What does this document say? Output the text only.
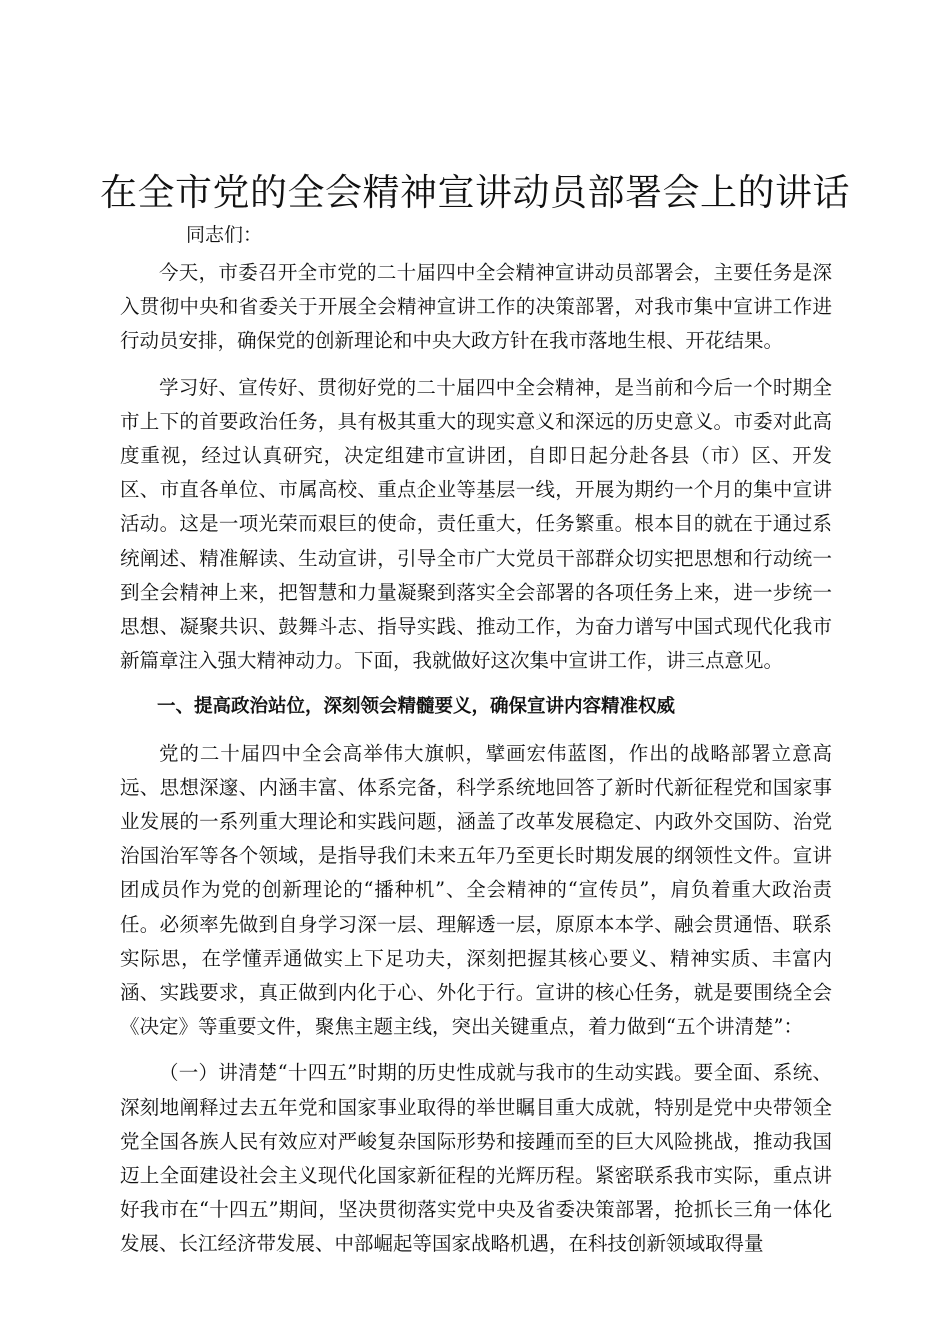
在全市党的全会精神宣讲动员部署会上的讲话
同志们：

今天，市委召开全市党的二十届四中全会精神宣讲动员部署会，主要任务是深入贯彻中央和省委关于开展全会精神宣讲工作的决策部署，对我市集中宣讲工作进行动员安排，确保党的创新理论和中央大政方针在我市落地生根、开花结果。

学习好、宣传好、贯彻好党的二十届四中全会精神，是当前和今后一个时期全市上下的首要政治任务，具有极其重大的现实意义和深远的历史意义。市委对此高度重视，经过认真研究，决定组建市宣讲团，自即日起分赴各县（市）区、开发区、市直各单位、市属高校、重点企业等基层一线，开展为期约一个月的集中宣讲活动。这是一项光荣而艰巨的使命，责任重大，任务繁重。根本目的就在于通过系统阐述、精准解读、生动宣讲，引导全市广大党员干部群众切实把思想和行动统一到全会精神上来，把智慧和力量凝聚到落实全会部署的各项任务上来，进一步统一思想、凝聚共识、鼓舞斗志、指导实践、推动工作，为奋力谱写中国式现代化我市新篇章注入强大精神动力。下面，我就做好这次集中宣讲工作，讲三点意见。

一、提高政治站位，深刻领会精髓要义，确保宣讲内容精准权威

党的二十届四中全会高举伟大旗帜，擘画宏伟蓝图，作出的战略部署立意高远、思想深邃、内涵丰富、体系完备，科学系统地回答了新时代新征程党和国家事业发展的一系列重大理论和实践问题，涵盖了改革发展稳定、内政外交国防、治党治国治军等各个领域，是指导我们未来五年乃至更长时期发展的纲领性文件。宣讲团成员作为党的创新理论的“播种机”、全会精神的“宣传员”，肩负着重大政治责任。必须率先做到自身学习深一层、理解透一层，原原本本学、融会贯通悟、联系实际思，在学懂弄通做实上下足功夫，深刻把握其核心要义、精神实质、丰富内涵、实践要求，真正做到内化于心、外化于行。宣讲的核心任务，就是要围绕全会《决定》等重要文件，聚焦主题主线，突出关键重点，着力做到“五个讲清楚”：

（一）讲清楚“十四五”时期的历史性成就与我市的生动实践。要全面、系统、深刻地阐释过去五年党和国家事业取得的举世瞩目重大成就，特别是党中央带领全党全国各族人民有效应对严峻复杂国际形势和接踵而至的巨大风险挑战，推动我国迈上全面建设社会主义现代化国家新征程的光辉历程。紧密联系我市实际，重点讲好我市在“十四五”期间，坚决贯彻落实党中央及省委决策部署，抢抓长三角一体化发展、长江经济带发展、中部崛起等国家战略机遇，在科技创新领域取得量
